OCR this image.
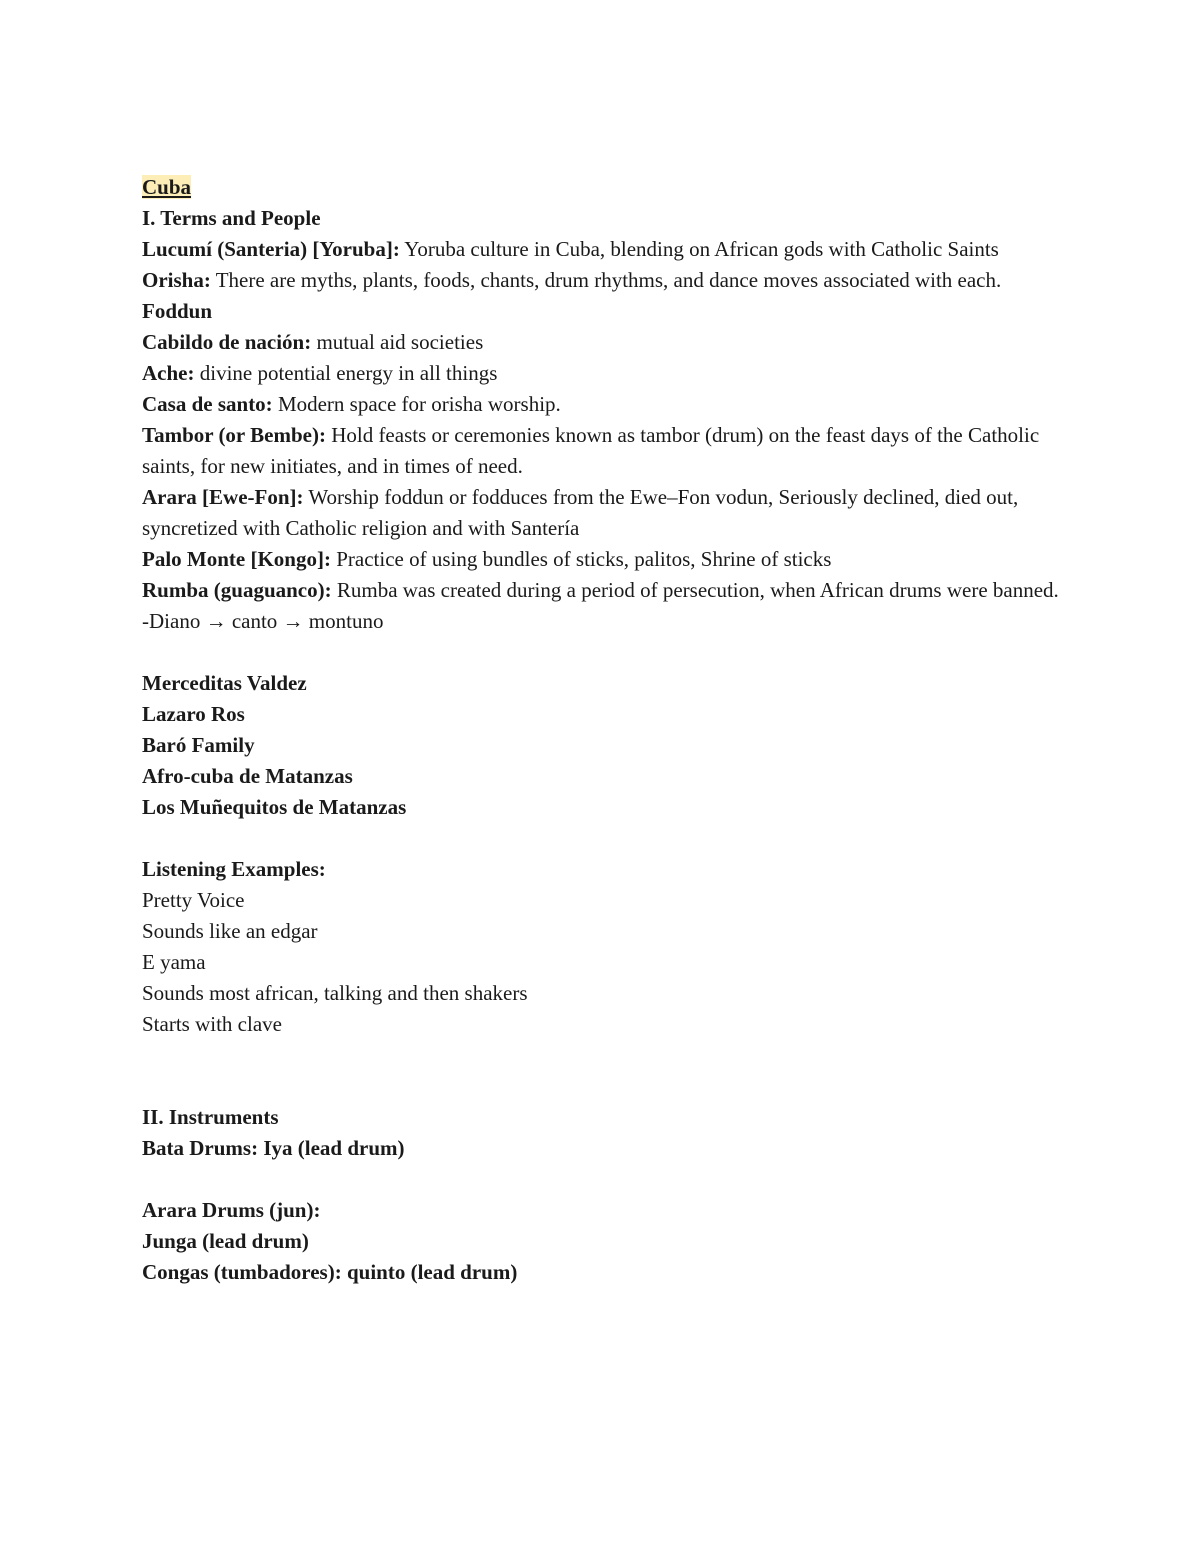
Cuba

I. Terms and People

Lucumí (Santeria) [Yoruba]: Yoruba culture in Cuba, blending on African gods with Catholic Saints

Orisha: There are myths, plants, foods, chants, drum rhythms, and dance moves associated with each.

Foddun

Cabildo de nación: mutual aid societies

Ache: divine potential energy in all things

Casa de santo: Modern space for orisha worship.

Tambor (or Bembe): Hold feasts or ceremonies known as tambor (drum) on the feast days of the Catholic saints, for new initiates, and in times of need.

Arara [Ewe-Fon]: Worship foddun or fodduces from the Ewe–Fon vodun, Seriously declined, died out, syncretized with Catholic religion and with Santería

Palo Monte [Kongo]: Practice of using bundles of sticks, palitos, Shrine of sticks

Rumba (guaguanco): Rumba was created during a period of persecution, when African drums were banned.

-Diano → canto → montuno

Merceditas Valdez

Lazaro Ros

Baró Family

Afro-cuba de Matanzas

Los Muñequitos de Matanzas

Listening Examples:

Pretty Voice

Sounds like an edgar

E yama

Sounds most african, talking and then shakers

Starts with clave

II. Instruments

Bata Drums: Iya (lead drum)

Arara Drums (jun):

Junga (lead drum)

Congas (tumbadores): quinto (lead drum)
